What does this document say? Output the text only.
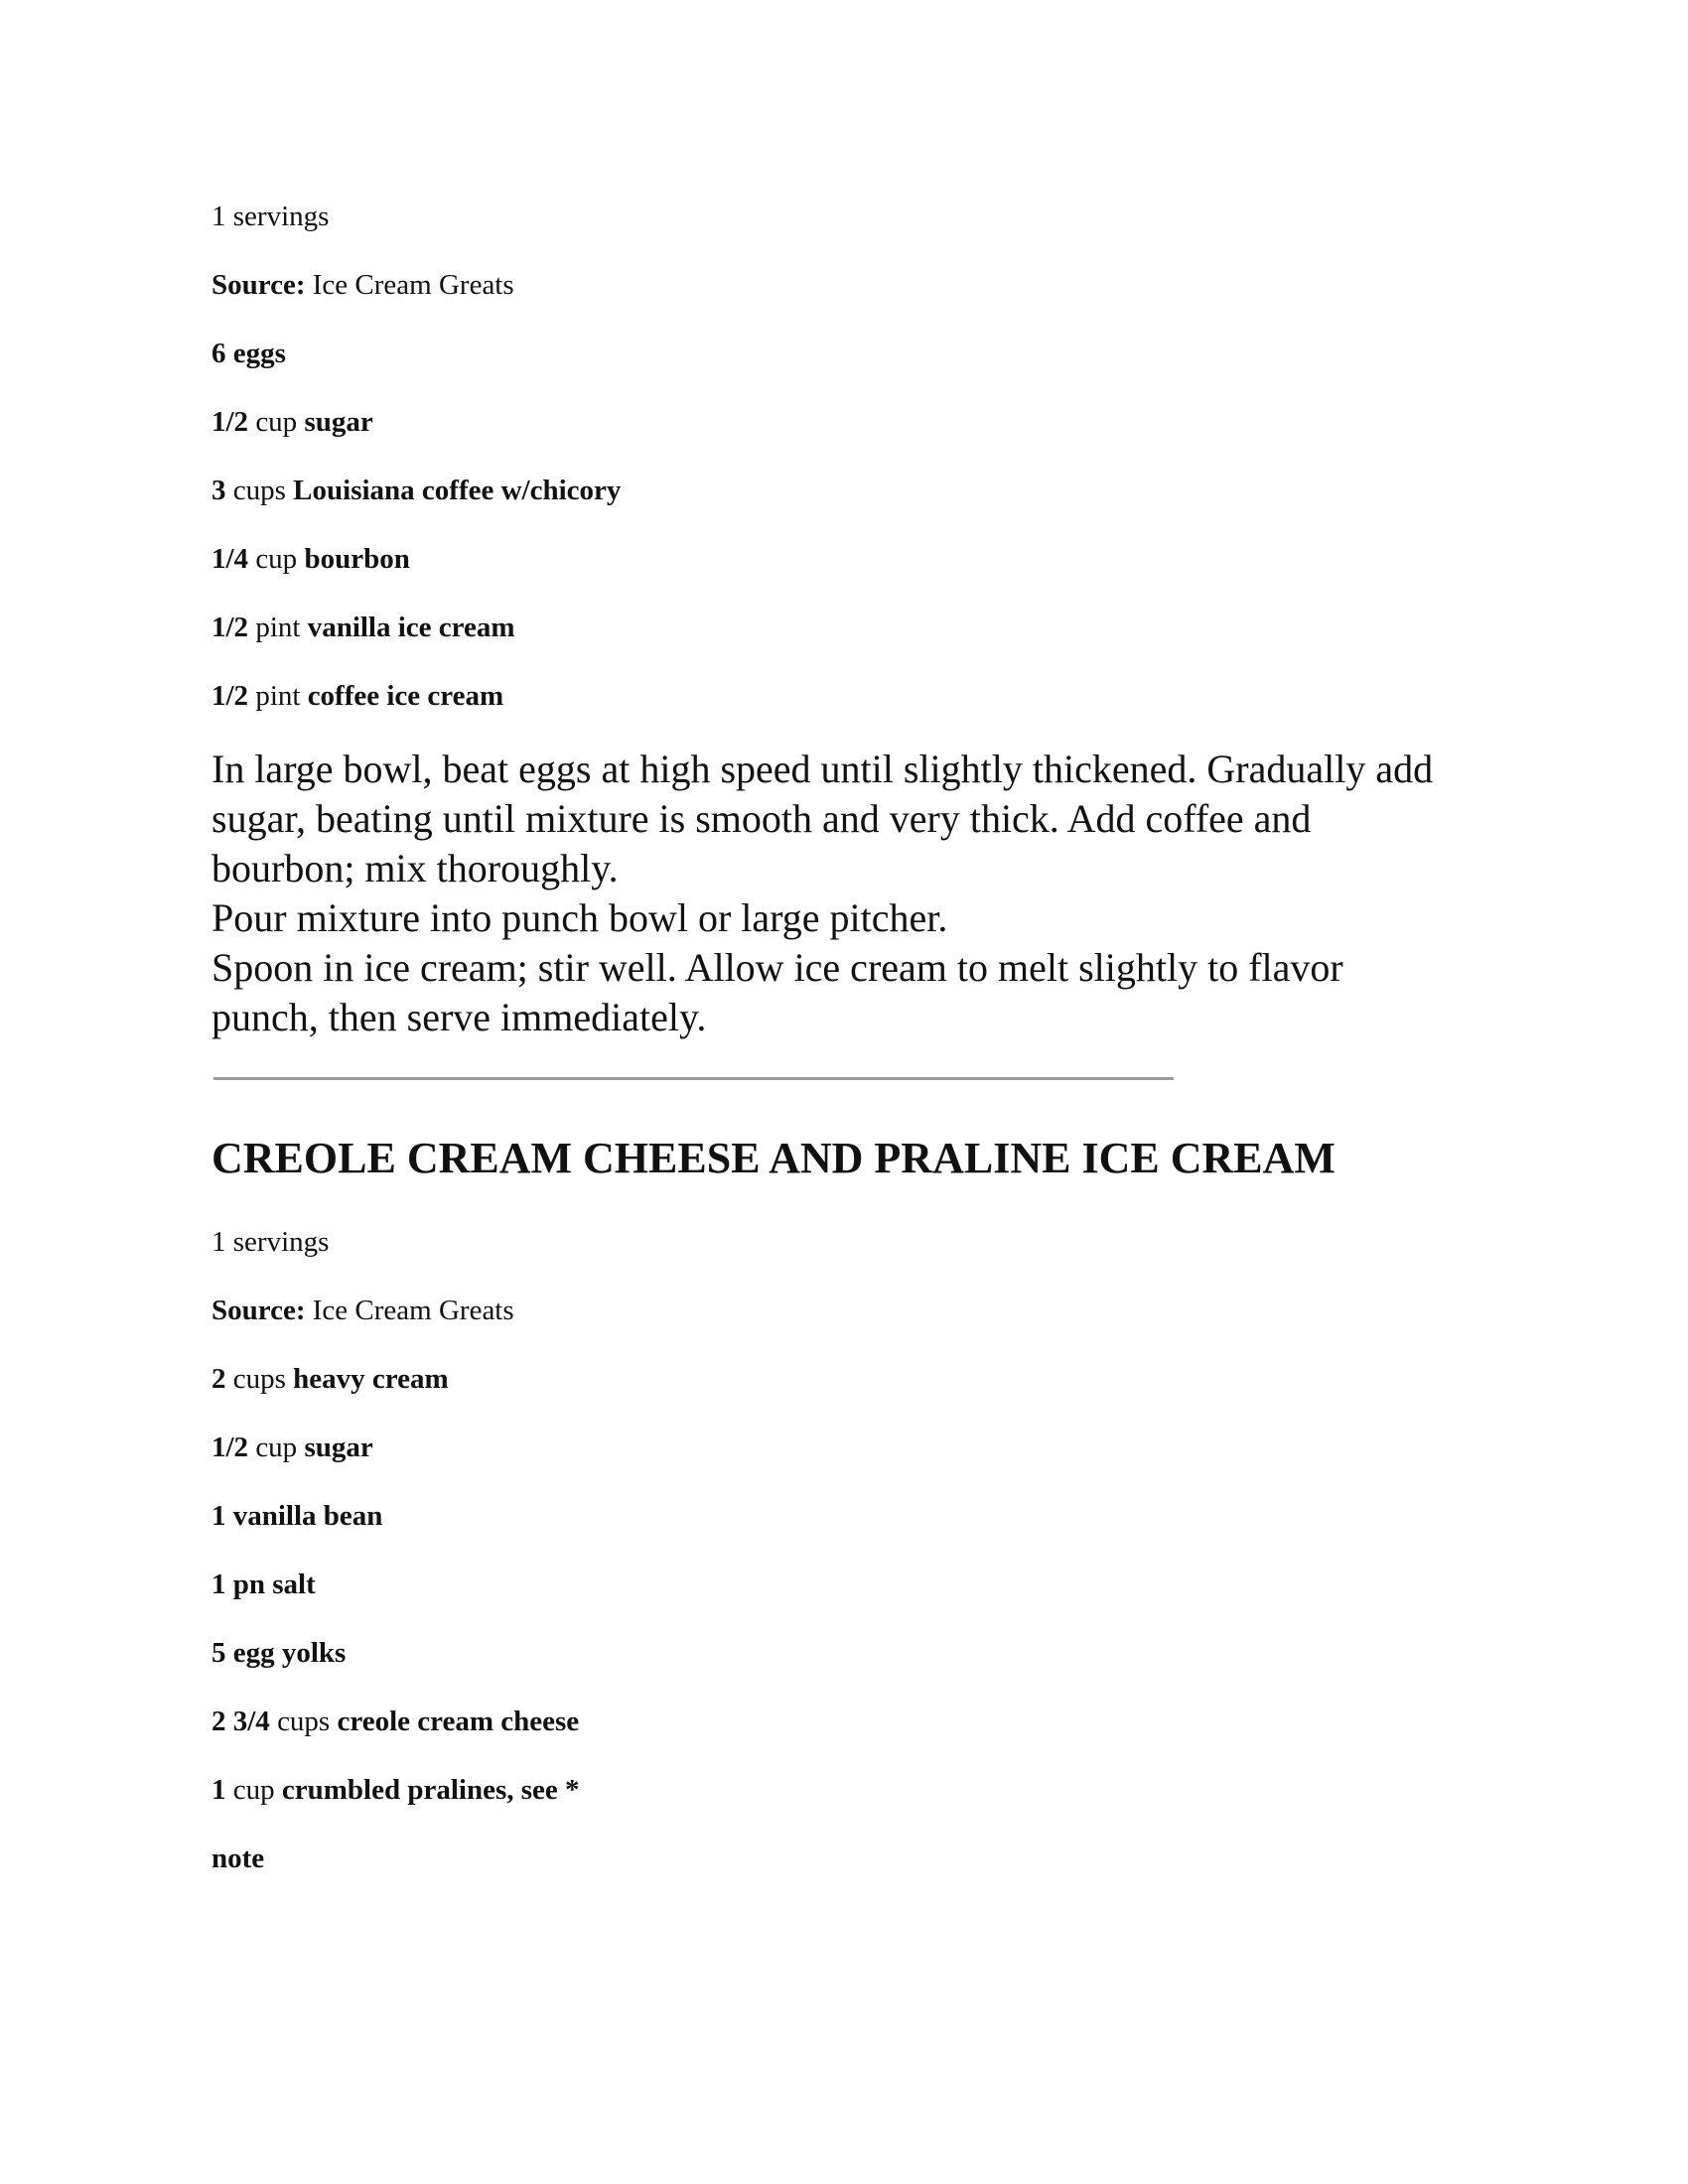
1 servings
Source: Ice Cream Greats
6 eggs
1/2 cup sugar
3 cups Louisiana coffee w/chicory
1/4 cup bourbon
1/2 pint vanilla ice cream
1/2 pint coffee ice cream

In large bowl, beat eggs at high speed until slightly thickened. Gradually add sugar, beating until mixture is smooth and very thick. Add coffee and bourbon; mix thoroughly.

Pour mixture into punch bowl or large pitcher.

Spoon in ice cream; stir well. Allow ice cream to melt slightly to flavor punch, then serve immediately.

CREOLE CREAM CHEESE AND PRALINE ICE CREAM
1 servings
Source: Ice Cream Greats
2 cups heavy cream
1/2 cup sugar
1 vanilla bean
1 pn salt
5 egg yolks
2 3/4 cups creole cream cheese
1 cup crumbled pralines, see *
note
